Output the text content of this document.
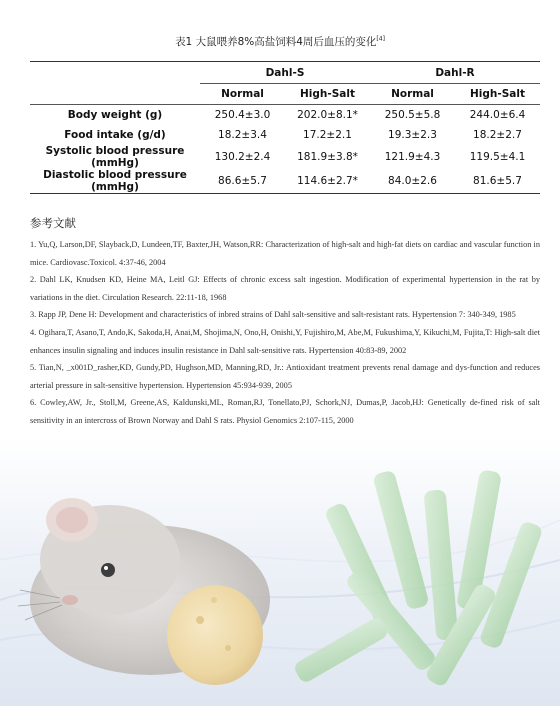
表1 大鼠喂养8%高盐饲料4周后血压的变化[4]
	Dahl-S		Dahl-R	
	Normal	High-Salt	Normal	High-Salt
Body weight (g)	250.4±3.0	202.0±8.1*	250.5±5.8	244.0±6.4
Food intake (g/d)	18.2±3.4	17.2±2.1	19.3±2.3	18.2±2.7
Systolic blood pressure (mmHg)	130.2±2.4	181.9±3.8*	121.9±4.3	119.5±4.1
Diastolic blood pressure (mmHg)	86.6±5.7	114.6±2.7*	84.0±2.6	81.6±5.7
参考文献

1. Yu,Q, Larson,DF, Slayback,D, Lundeen,TF, Baxter,JH, Watson,RR: Characterization of high-salt and high-fat diets on cardiac and vascular function in mice. Cardiovasc.Toxicol. 4:37-46, 2004

2. Dahl LK, Knudsen KD, Heine MA, Leitl GJ: Effects of chronic excess salt ingestion. Modification of experimental hypertension in the rat by variations in the diet. Circulation Research. 22:11-18, 1968

3. Rapp JP, Dene H: Development and characteristics of inbred strains of Dahl salt-sensitive and salt-resistant rats. Hypertension 7: 340-349, 1985

4. Ogihara,T, Asano,T, Ando,K, Sakoda,H, Anai,M, Shojima,N, Ono,H, Onishi,Y, Fujishiro,M, Abe,M, Fukushima,Y, Kikuchi,M, Fujita,T: High-salt diet enhances insulin signaling and induces insulin resistance in Dahl salt-sensitive rats. Hypertension 40:83-89, 2002

5. Tian,N, _x001D_rasher,KD, Gundy,PD, Hughson,MD, Manning,RD, Jr.: Antioxidant treatment prevents renal damage and dys-function and reduces arterial pressure in salt-sensitive hypertension. Hypertension 45:934-939, 2005

6. Cowley,AW, Jr., Stoll,M, Greene,AS, Kaldunski,ML, Roman,RJ, Tonellato,PJ, Schork,NJ, Dumas,P, Jacob,HJ: Genetically de-fined risk of salt sensitivity in an intercross of Brown Norway and Dahl S rats. Physiol Genomics 2:107-115, 2000
